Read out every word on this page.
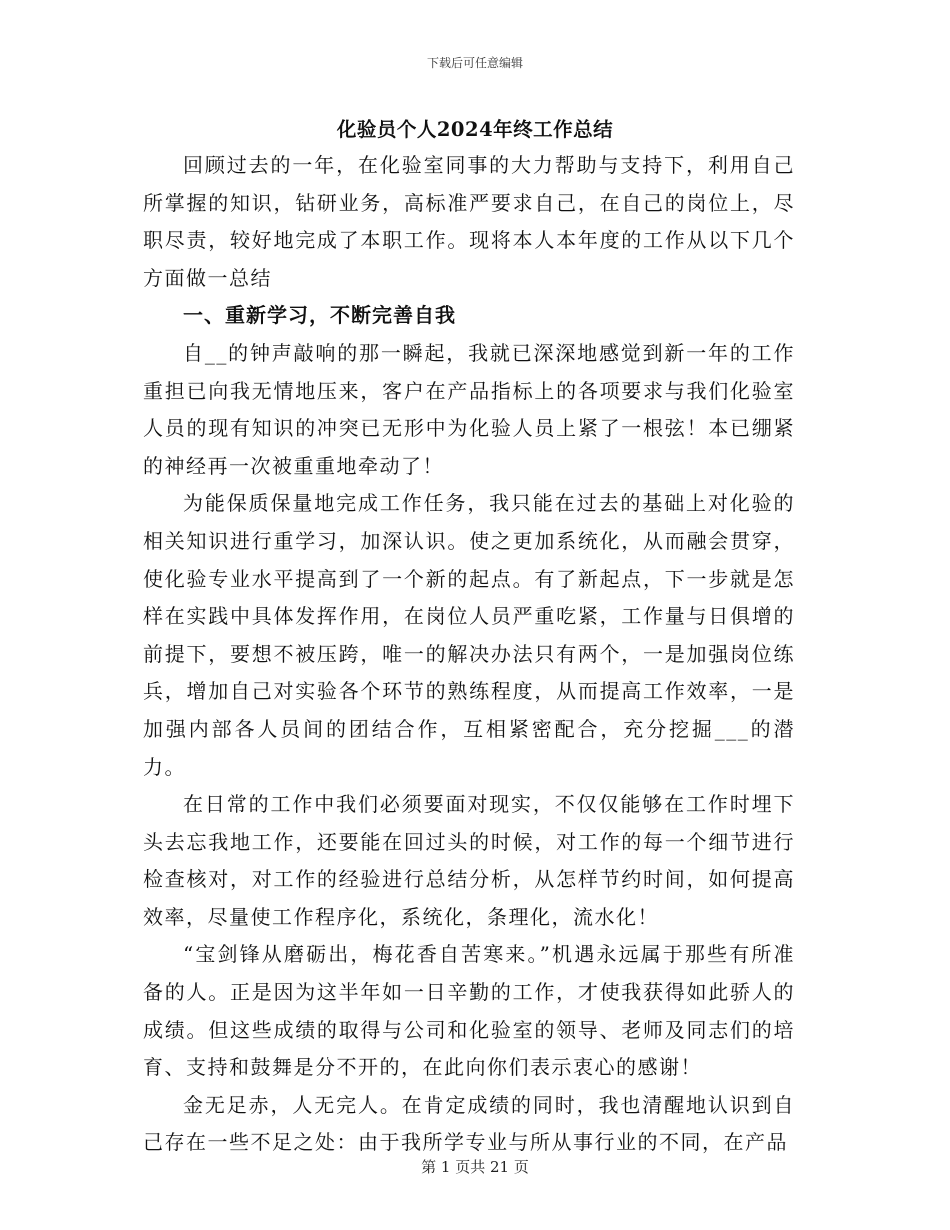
下载后可任意编辑
化验员个人2024年终工作总结

回顾过去的一年，在化验室同事的大力帮助与支持下，利用自己所掌握的知识，钻研业务，高标准严要求自己，在自己的岗位上，尽职尽责，较好地完成了本职工作。现将本人本年度的工作从以下几个方面做一总结

一、重新学习，不断完善自我

自__的钟声敲响的那一瞬起，我就已深深地感觉到新一年的工作重担已向我无情地压来，客户在产品指标上的各项要求与我们化验室人员的现有知识的冲突已无形中为化验人员上紧了一根弦！本已绷紧的神经再一次被重重地牵动了！

为能保质保量地完成工作任务，我只能在过去的基础上对化验的相关知识进行重学习，加深认识。使之更加系统化，从而融会贯穿，使化验专业水平提高到了一个新的起点。有了新起点，下一步就是怎样在实践中具体发挥作用，在岗位人员严重吃紧，工作量与日俱增的前提下，要想不被压跨，唯一的解决办法只有两个，一是加强岗位练兵，增加自己对实验各个环节的熟练程度，从而提高工作效率，一是加强内部各人员间的团结合作，互相紧密配合，充分挖掘___的潜力。

在日常的工作中我们必须要面对现实，不仅仅能够在工作时埋下头去忘我地工作，还要能在回过头的时候，对工作的每一个细节进行检查核对，对工作的经验进行总结分析，从怎样节约时间，如何提高效率，尽量使工作程序化，系统化，条理化，流水化！

“宝剑锋从磨砺出，梅花香自苦寒来。”机遇永远属于那些有所准备的人。正是因为这半年如一日辛勤的工作，才使我获得如此骄人的成绩。但这些成绩的取得与公司和化验室的领导、老师及同志们的培育、支持和鼓舞是分不开的，在此向你们表示衷心的感谢！

金无足赤，人无完人。在肯定成绩的同时，我也清醒地认识到自己存在一些不足之处：由于我所学专业与所从事行业的不同，在产品

第 1 页共 21 页
